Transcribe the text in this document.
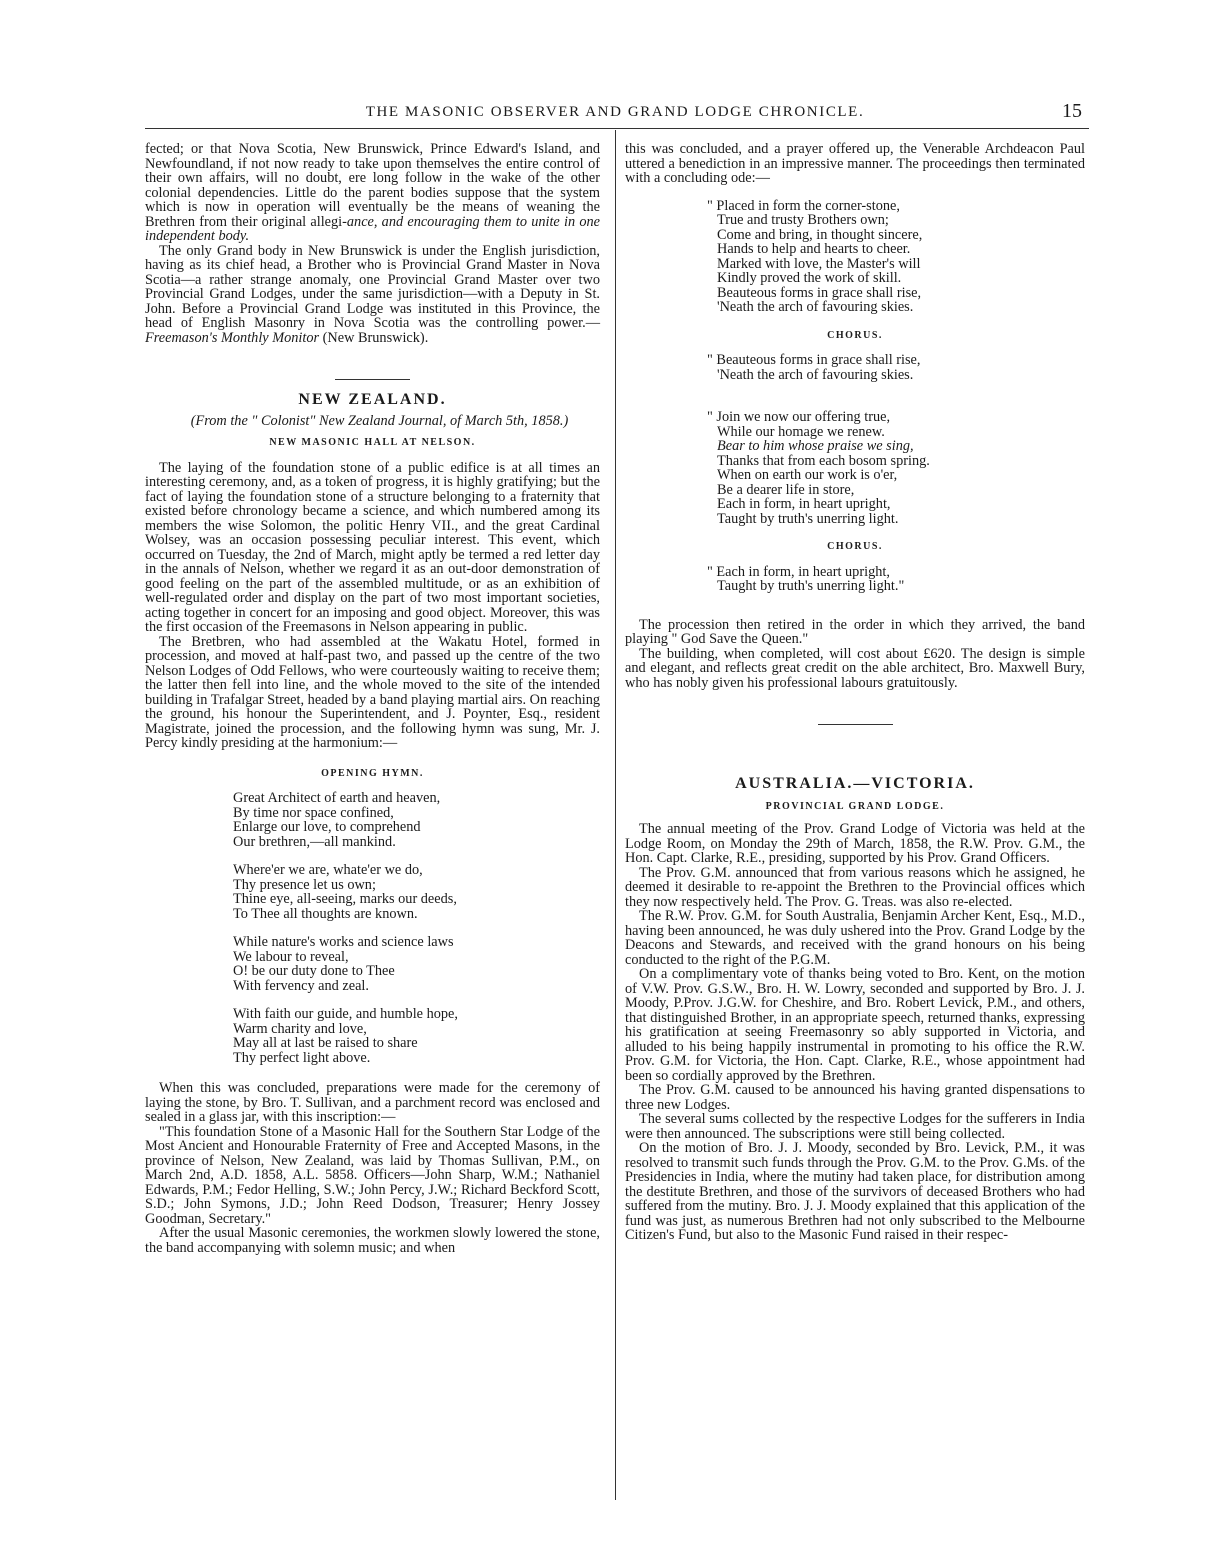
THE MASONIC OBSERVER AND GRAND LODGE CHRONICLE.	15

fected; or that Nova Scotia, New Brunswick, Prince Edward's Island, and Newfoundland, if not now ready to take upon themselves the entire control of their own affairs, will no doubt, ere long follow in the wake of the other colonial dependencies. Little do the parent bodies suppose that the system which is now in operation will eventually be the means of weaning the Brethren from their original allegi-ance, and encouraging them to unite in one independent body.

The only Grand body in New Brunswick is under the English jurisdiction, having as its chief head, a Brother who is Provincial Grand Master in Nova Scotia—a rather strange anomaly, one Provincial Grand Master over two Provincial Grand Lodges, under the same jurisdiction—with a Deputy in St. John. Before a Provincial Grand Lodge was instituted in this Province, the head of English Masonry in Nova Scotia was the controlling power.—Freemason's Monthly Monitor (New Brunswick).

NEW ZEALAND.

(From the " Colonist" New Zealand Journal, of March 5th, 1858.)

NEW MASONIC HALL AT NELSON.

The laying of the foundation stone of a public edifice is at all times an interesting ceremony, and, as a token of progress, it is highly gratifying; but the fact of laying the foundation stone of a structure belonging to a fraternity that existed before chronology became a science, and which numbered among its members the wise Solomon, the politic Henry VII., and the great Cardinal Wolsey, was an occasion possessing peculiar interest. This event, which occurred on Tuesday, the 2nd of March, might aptly be termed a red letter day in the annals of Nelson, whether we regard it as an out-door demonstration of good feeling on the part of the assembled multitude, or as an exhibition of well-regulated order and display on the part of two most important societies, acting together in concert for an imposing and good object. Moreover, this was the first occasion of the Freemasons in Nelson appearing in public.

The Bretbren, who had assembled at the Wakatu Hotel, formed in procession, and moved at half-past two, and passed up the centre of the two Nelson Lodges of Odd Fellows, who were courteously waiting to receive them; the latter then fell into line, and the whole moved to the site of the intended building in Trafalgar Street, headed by a band playing martial airs. On reaching the ground, his honour the Superintendent, and J. Poynter, Esq., resident Magistrate, joined the procession, and the following hymn was sung, Mr. J. Percy kindly presiding at the harmonium:—

OPENING HYMN.
Great Architect of earth and heaven,
By time nor space confined,
Enlarge our love, to comprehend
Our brethren,—all mankind.
Where'er we are, whate'er we do,
Thy presence let us own;
Thine eye, all-seeing, marks our deeds,
To Thee all thoughts are known.
While nature's works and science laws
We labour to reveal,
O! be our duty done to Thee
With fervency and zeal.
With faith our guide, and humble hope,
Warm charity and love,
May all at last be raised to share
Thy perfect light above.

When this was concluded, preparations were made for the ceremony of laying the stone, by Bro. T. Sullivan, and a parchment record was enclosed and sealed in a glass jar, with this inscription:—

"This foundation Stone of a Masonic Hall for the Southern Star Lodge of the Most Ancient and Honourable Fraternity of Free and Accepted Masons, in the province of Nelson, New Zealand, was laid by Thomas Sullivan, P.M., on March 2nd, A.D. 1858, A.L. 5858. Officers—John Sharp, W.M.; Nathaniel Edwards, P.M.; Fedor Helling, S.W.; John Percy, J.W.; Richard Beckford Scott, S.D.; John Symons, J.D.; John Reed Dodson, Treasurer; Henry Jossey Goodman, Secretary."

After the usual Masonic ceremonies, the workmen slowly lowered the stone, the band accompanying with solemn music; and when

this was concluded, and a prayer offered up, the Venerable Archdeacon Paul uttered a benediction in an impressive manner. The proceedings then terminated with a concluding ode:—

" Placed in form the corner-stone,
True and trusty Brothers own;
Come and bring, in thought sincere,
Hands to help and hearts to cheer.
Marked with love, the Master's will
Kindly proved the work of skill.
Beauteous forms in grace shall rise,
'Neath the arch of favouring skies.
CHORUS.
" Beauteous forms in grace shall rise,
'Neath the arch of favouring skies.
" Join we now our offering true,
While our homage we renew.
Bear to him whose praise we sing,
Thanks that from each bosom spring.
When on earth our work is o'er,
Be a dearer life in store,
Each in form, in heart upright,
Taught by truth's unerring light.
CHORUS.
" Each in form, in heart upright,
Taught by truth's unerring light."

The procession then retired in the order in which they arrived, the band playing " God Save the Queen."

The building, when completed, will cost about £620. The design is simple and elegant, and reflects great credit on the able architect, Bro. Maxwell Bury, who has nobly given his professional labours gratuitously.

AUSTRALIA.—VICTORIA.
PROVINCIAL GRAND LODGE.

The annual meeting of the Prov. Grand Lodge of Victoria was held at the Lodge Room, on Monday the 29th of March, 1858, the R.W. Prov. G.M., the Hon. Capt. Clarke, R.E., presiding, supported by his Prov. Grand Officers.

The Prov. G.M. announced that from various reasons which he assigned, he deemed it desirable to re-appoint the Brethren to the Provincial offices which they now respectively held. The Prov. G. Treas. was also re-elected.

The R.W. Prov. G.M. for South Australia, Benjamin Archer Kent, Esq., M.D., having been announced, he was duly ushered into the Prov. Grand Lodge by the Deacons and Stewards, and received with the grand honours on his being conducted to the right of the P.G.M.

On a complimentary vote of thanks being voted to Bro. Kent, on the motion of V.W. Prov. G.S.W., Bro. H. W. Lowry, seconded and supported by Bro. J. J. Moody, P.Prov. J.G.W. for Cheshire, and Bro. Robert Levick, P.M., and others, that distinguished Brother, in an appropriate speech, returned thanks, expressing his gratification at seeing Freemasonry so ably supported in Victoria, and alluded to his being happily instrumental in promoting to his office the R.W. Prov. G.M. for Victoria, the Hon. Capt. Clarke, R.E., whose appointment had been so cordially approved by the Brethren.

The Prov. G.M. caused to be announced his having granted dispensations to three new Lodges.

The several sums collected by the respective Lodges for the sufferers in India were then announced. The subscriptions were still being collected.

On the motion of Bro. J. J. Moody, seconded by Bro. Levick, P.M., it was resolved to transmit such funds through the Prov. G.M. to the Prov. G.Ms. of the Presidencies in India, where the mutiny had taken place, for distribution among the destitute Brethren, and those of the survivors of deceased Brothers who had suffered from the mutiny. Bro. J. J. Moody explained that this application of the fund was just, as numerous Brethren had not only subscribed to the Melbourne Citizen's Fund, but also to the Masonic Fund raised in their respec-
